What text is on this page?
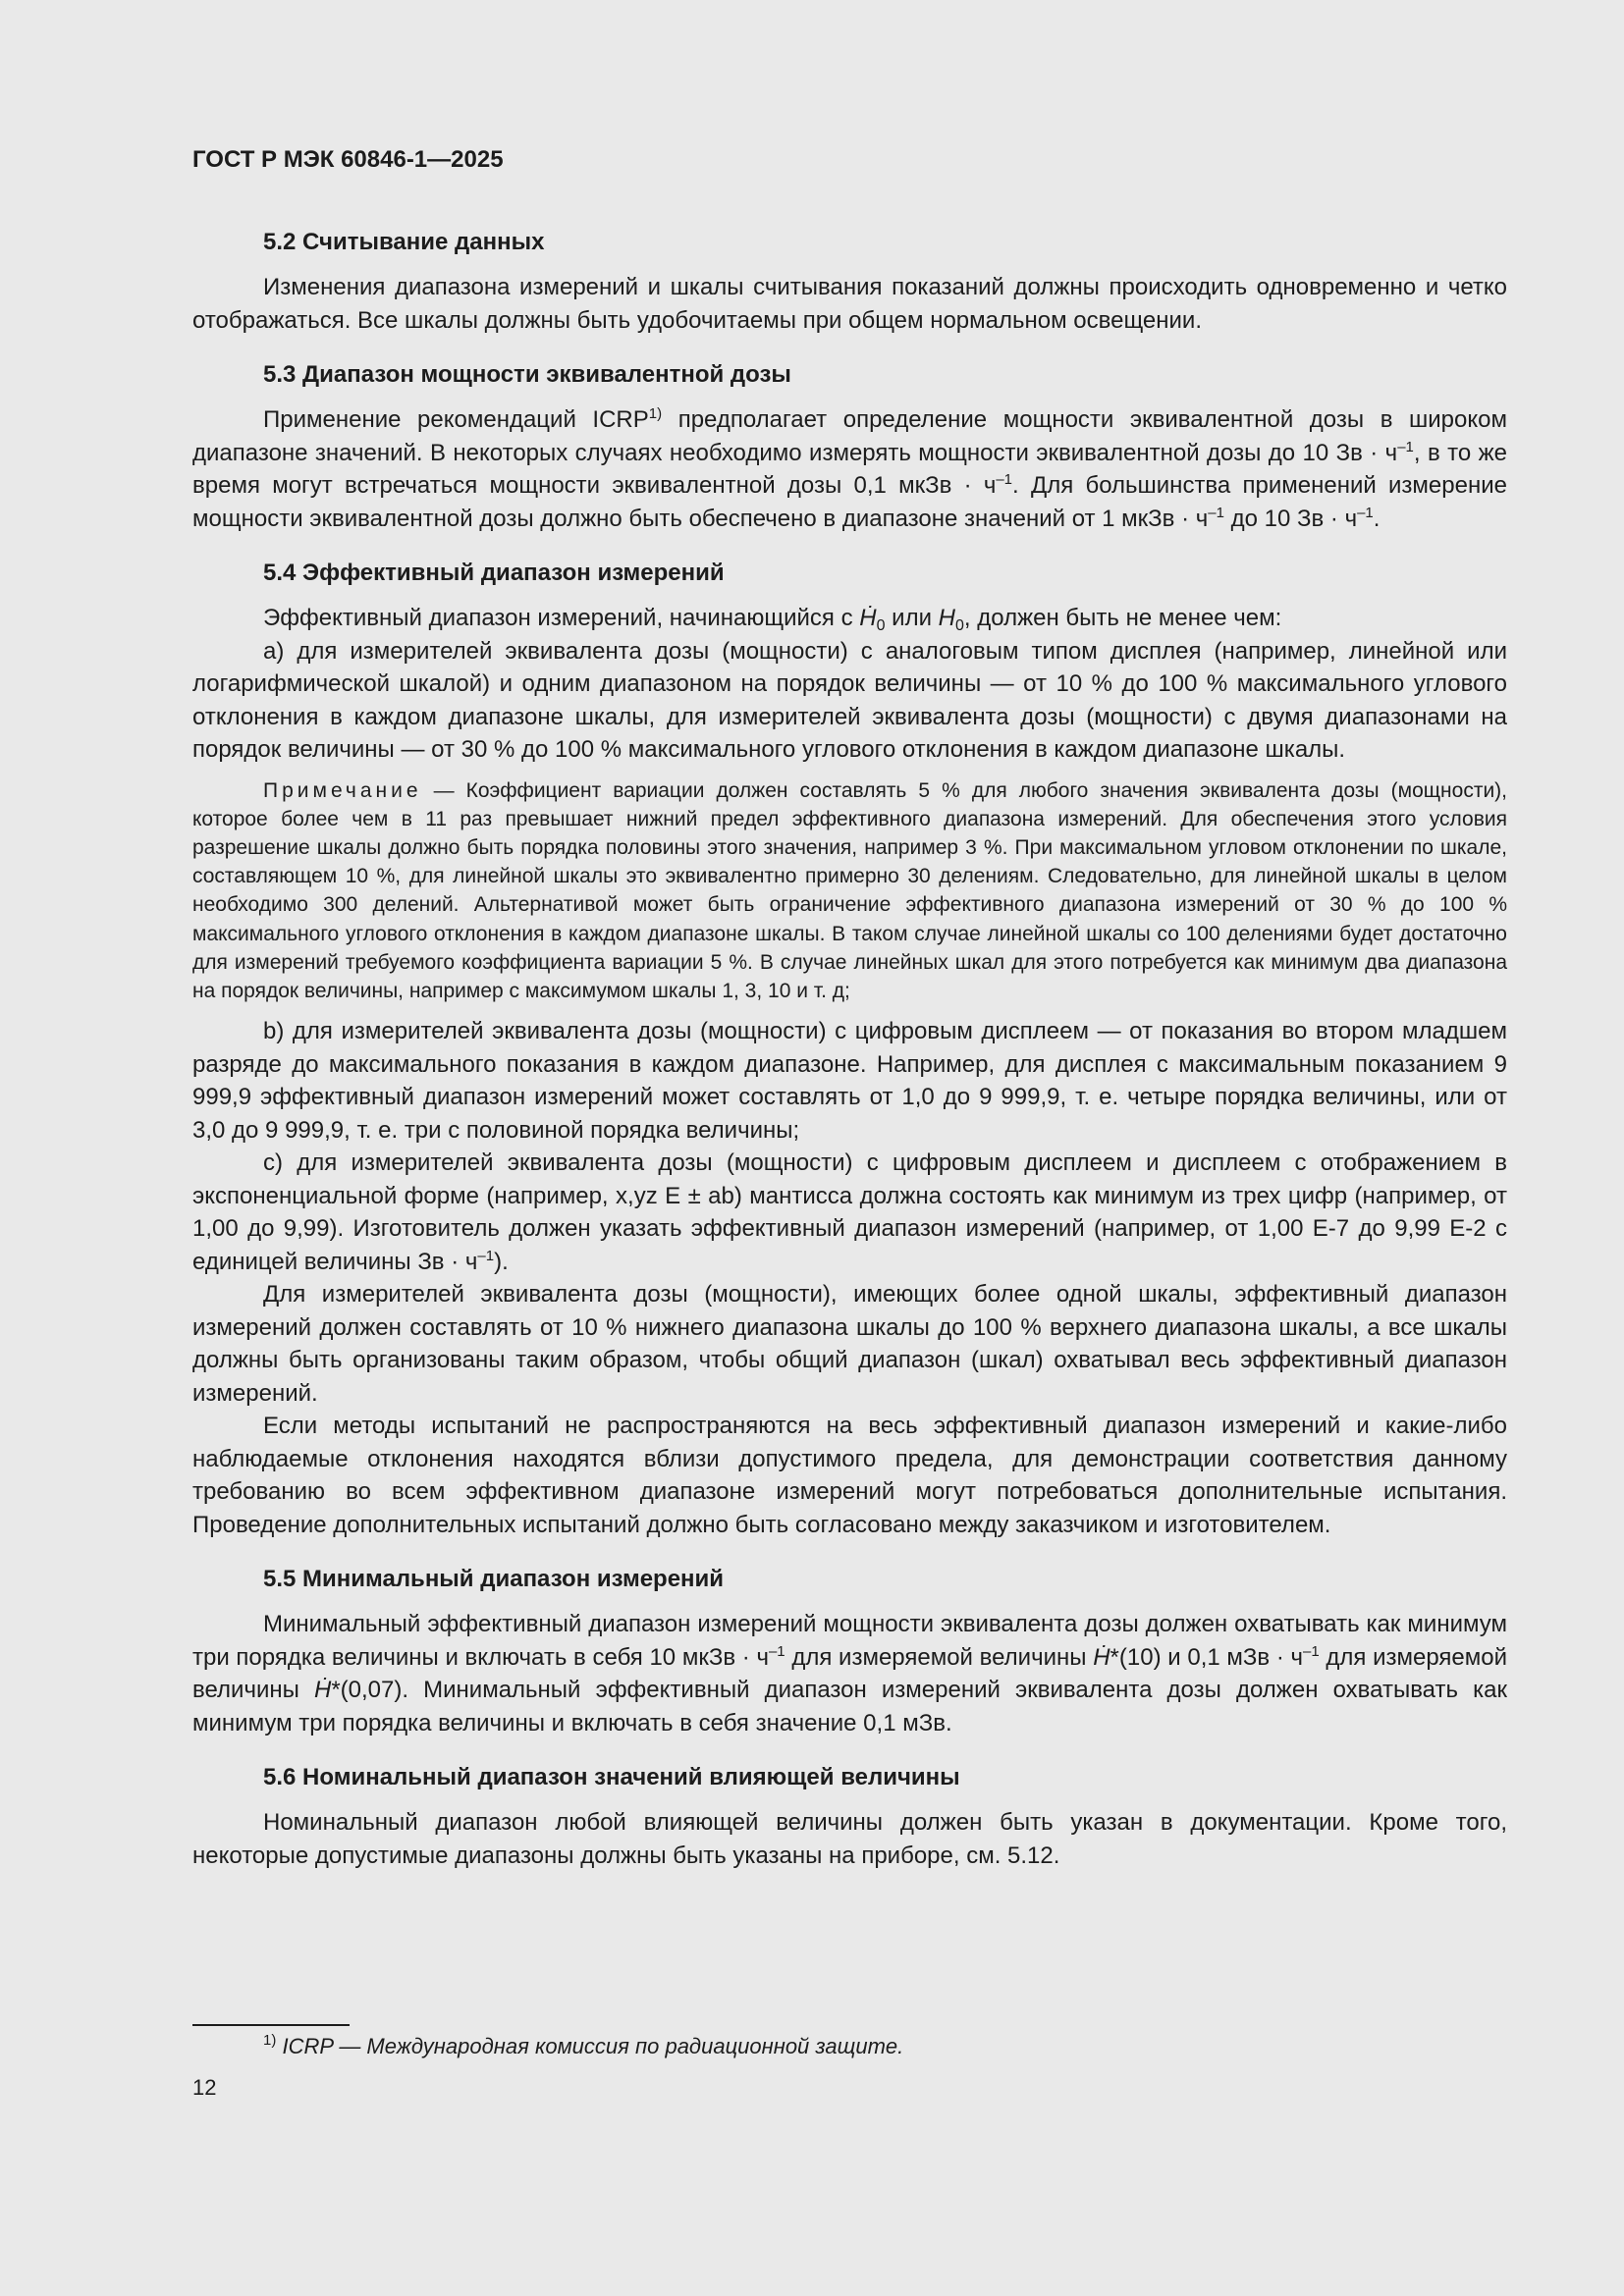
ГОСТ Р МЭК 60846-1—2025
5.2 Считывание данных

Изменения диапазона измерений и шкалы считывания показаний должны происходить одновременно и четко отображаться. Все шкалы должны быть удобочитаемы при общем нормальном освещении.

5.3 Диапазон мощности эквивалентной дозы

Применение рекомендаций ICRP$^{1)}$ предполагает определение мощности эквивалентной дозы в широком диапазоне значений. В некоторых случаях необходимо измерять мощности эквивалентной дозы до 10 Зв · $ч^{-1}$, в то же время могут встречаться мощности эквивалентной дозы 0,1 мкЗв · $ч^{-1}$. Для большинства применений измерение мощности эквивалентной дозы должно быть обеспечено в диапазоне значений от 1 мкЗв · $ч^{-1}$ до 10 Зв · $ч^{-1}$.

5.4 Эффективный диапазон измерений

Эффективный диапазон измерений, начинающийся с Ḣ$_0$ или $H_0$, должен быть не менее чем:

a) для измерителей эквивалента дозы (мощности) с аналоговым типом дисплея (например, линейной или логарифмической шкалой) и одним диапазоном на порядок величины — от 10 % до 100 % максимального углового отклонения в каждом диапазоне шкалы, для измерителей эквивалента дозы (мощности) с двумя диапазонами на порядок величины — от 30 % до 100 % максимального углового отклонения в каждом диапазоне шкалы.

Примечание — Коэффициент вариации должен составлять 5 % для любого значения эквивалента дозы (мощности), которое более чем в 11 раз превышает нижний предел эффективного диапазона измерений. Для обеспечения этого условия разрешение шкалы должно быть порядка половины этого значения, например 3 %. При максимальном угловом отклонении по шкале, составляющем 10 %, для линейной шкалы это эквивалентно примерно 30 делениям. Следовательно, для линейной шкалы в целом необходимо 300 делений. Альтернативой может быть ограничение эффективного диапазона измерений от 30 % до 100 % максимального углового отклонения в каждом диапазоне шкалы. В таком случае линейной шкалы со 100 делениями будет достаточно для измерений требуемого коэффициента вариации 5 %. В случае линейных шкал для этого потребуется как минимум два диапазона на порядок величины, например с максимумом шкалы 1, 3, 10 и т. д;

b) для измерителей эквивалента дозы (мощности) с цифровым дисплеем — от показания во втором младшем разряде до максимального показания в каждом диапазоне. Например, для дисплея с максимальным показанием 9 999,9 эффективный диапазон измерений может составлять от 1,0 до 9 999,9, т. е. четыре порядка величины, или от 3,0 до 9 999,9, т. е. три с половиной порядка величины;

c) для измерителей эквивалента дозы (мощности) с цифровым дисплеем и дисплеем с отображением в экспоненциальной форме (например, x,yz E ± ab) мантисса должна состоять как минимум из трех цифр (например, от 1,00 до 9,99). Изготовитель должен указать эффективный диапазон измерений (например, от 1,00 E-7 до 9,99 E-2 с единицей величины Зв · $ч^{-1}$).

Для измерителей эквивалента дозы (мощности), имеющих более одной шкалы, эффективный диапазон измерений должен составлять от 10 % нижнего диапазона шкалы до 100 % верхнего диапазона шкалы, а все шкалы должны быть организованы таким образом, чтобы общий диапазон (шкал) охватывал весь эффективный диапазон измерений.

Если методы испытаний не распространяются на весь эффективный диапазон измерений и какие-либо наблюдаемые отклонения находятся вблизи допустимого предела, для демонстрации соответствия данному требованию во всем эффективном диапазоне измерений могут потребоваться дополнительные испытания. Проведение дополнительных испытаний должно быть согласовано между заказчиком и изготовителем.

5.5 Минимальный диапазон измерений

Минимальный эффективный диапазон измерений мощности эквивалента дозы должен охватывать как минимум три порядка величины и включать в себя 10 мкЗв · $ч^{-1}$ для измеряемой величины Ḣ*(10) и 0,1 мЗв · $ч^{-1}$ для измеряемой величины Ḣ*(0,07). Минимальный эффективный диапазон измерений эквивалента дозы должен охватывать как минимум три порядка величины и включать в себя значение 0,1 мЗв.

5.6 Номинальный диапазон значений влияющей величины

Номинальный диапазон любой влияющей величины должен быть указан в документации. Кроме того, некоторые допустимые диапазоны должны быть указаны на приборе, см. 5.12.

$^{1)}$ ICRP — Международная комиссия по радиационной защите.
12
